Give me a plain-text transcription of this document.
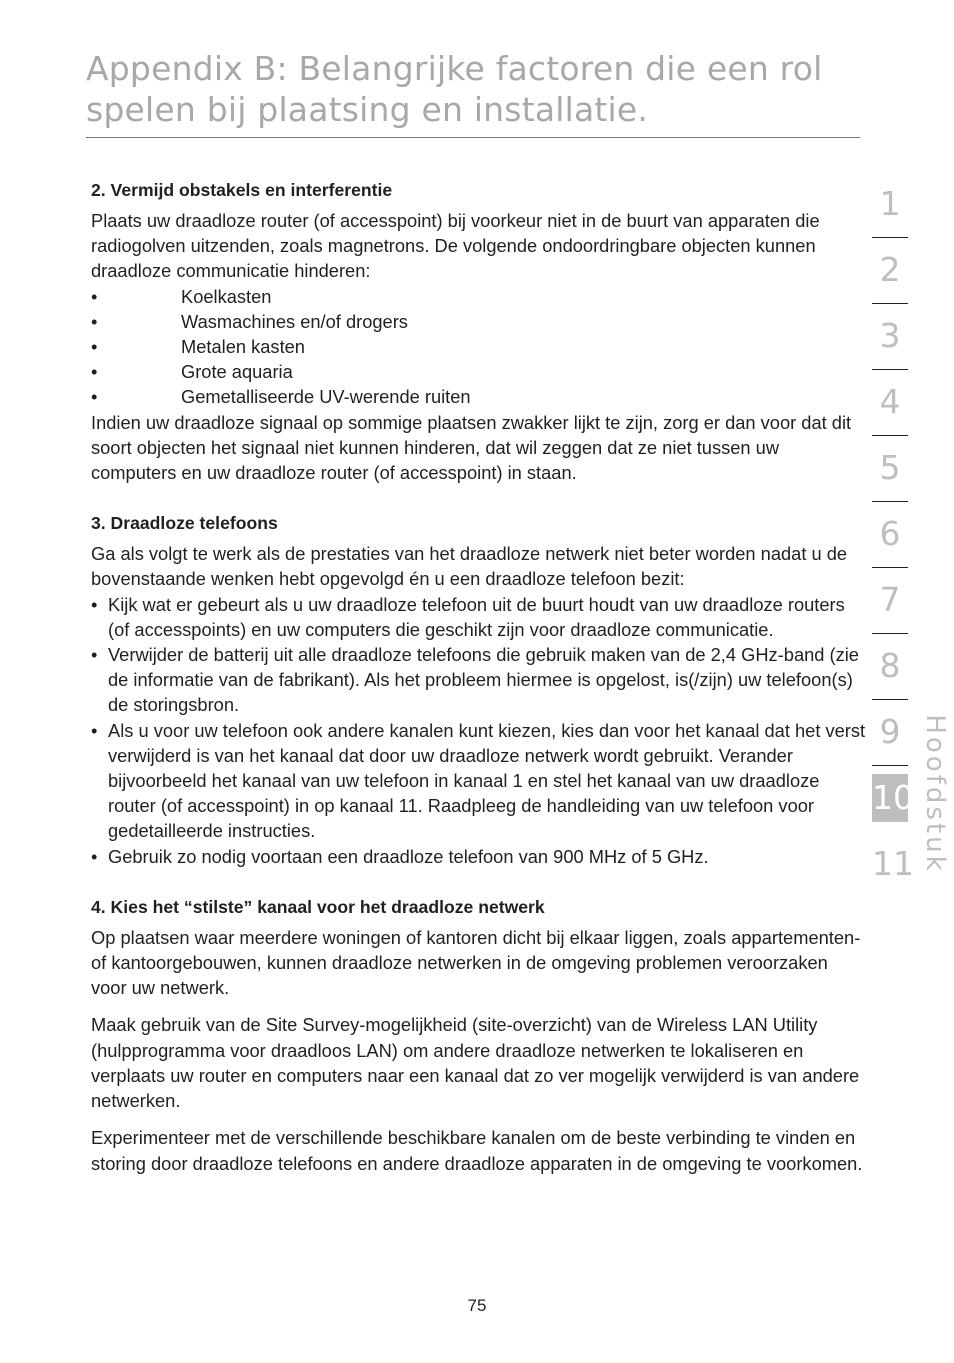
Appendix B: Belangrijke factoren die een rol spelen bij plaatsing en installatie.
2. Vermijd obstakels en interferentie

Plaats uw draadloze router (of accesspoint) bij voorkeur niet in de buurt van apparaten die radiogolven uitzenden, zoals magnetrons. De volgende ondoordringbare objecten kunnen draadloze communicatie hinderen:

• Koelkasten
• Wasmachines en/of drogers
• Metalen kasten
• Grote aquaria
• Gemetalliseerde UV-werende ruiten

Indien uw draadloze signaal op sommige plaatsen zwakker lijkt te zijn, zorg er dan voor dat dit soort objecten het signaal niet kunnen hinderen, dat wil zeggen dat ze niet tussen uw computers en uw draadloze router (of accesspoint) in staan.

3. Draadloze telefoons

Ga als volgt te werk als de prestaties van het draadloze netwerk niet beter worden nadat u de bovenstaande wenken hebt opgevolgd én u een draadloze telefoon bezit:

• Kijk wat er gebeurt als u uw draadloze telefoon uit de buurt houdt van uw draadloze routers (of accesspoints) en uw computers die geschikt zijn voor draadloze communicatie.
• Verwijder de batterij uit alle draadloze telefoons die gebruik maken van de 2,4 GHz-band (zie de informatie van de fabrikant). Als het probleem hiermee is opgelost, is(/zijn) uw telefoon(s) de storingsbron.
• Als u voor uw telefoon ook andere kanalen kunt kiezen, kies dan voor het kanaal dat het verst verwijderd is van het kanaal dat door uw draadloze netwerk wordt gebruikt. Verander bijvoorbeeld het kanaal van uw telefoon in kanaal 1 en stel het kanaal van uw draadloze router (of accesspoint) in op kanaal 11. Raadpleeg de handleiding van uw telefoon voor gedetailleerde instructies.
• Gebruik zo nodig voortaan een draadloze telefoon van 900 MHz of 5 GHz.
4. Kies het “stilste” kanaal voor het draadloze netwerk

Op plaatsen waar meerdere woningen of kantoren dicht bij elkaar liggen, zoals appartementen- of kantoorgebouwen, kunnen draadloze netwerken in de omgeving problemen veroorzaken voor uw netwerk.

Maak gebruik van de Site Survey-mogelijkheid (site-overzicht) van de Wireless LAN Utility (hulpprogramma voor draadloos LAN) om andere draadloze netwerken te lokaliseren en verplaats uw router en computers naar een kanaal dat zo ver mogelijk verwijderd is van andere netwerken.

Experimenteer met de verschillende beschikbare kanalen om de beste verbinding te vinden en storing door draadloze telefoons en andere draadloze apparaten in de omgeving te voorkomen.

1
2
3
4
5
6
7
8
9
10
11 Hoofdstuk
75
